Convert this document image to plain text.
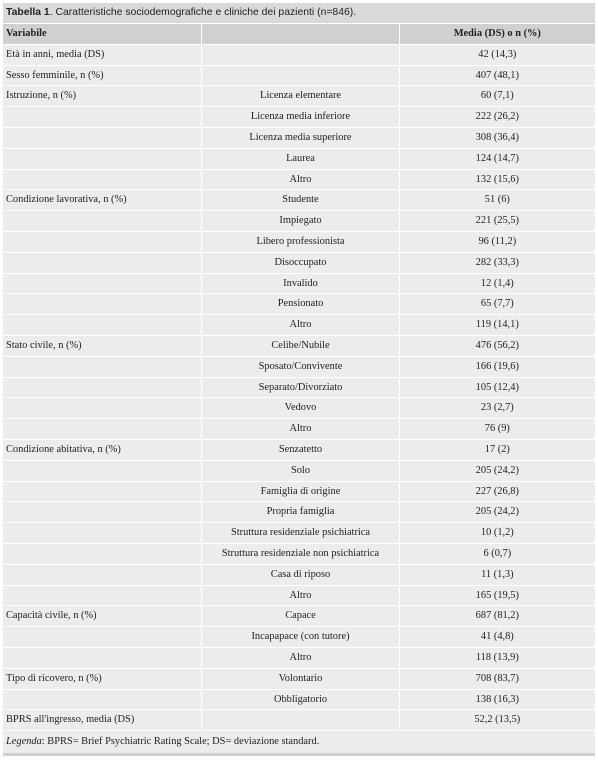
Tabella 1. Caratteristiche sociodemografiche e cliniche dei pazienti (n=846).
Variabile		Media (DS) o n (%)
Età in anni, media (DS)		42 (14,3)
Sesso femminile, n (%)		407 (48,1)
Istruzione, n (%)	Licenza elementare	60 (7,1)
	Licenza media inferiore	222 (26,2)
	Licenza media superiore	308 (36,4)
	Laurea	124 (14,7)
	Altro	132 (15,6)
Condizione lavorativa, n (%)	Studente	51 (6)
	Impiegato	221 (25,5)
	Libero professionista	96 (11,2)
	Disoccupato	282 (33,3)
	Invalido	12 (1,4)
	Pensionato	65 (7,7)
	Altro	119 (14,1)
Stato civile, n (%)	Celibe/Nubile	476 (56,2)
	Sposato/Convivente	166 (19,6)
	Separato/Divorziato	105 (12,4)
	Vedovo	23 (2,7)
	Altro	76 (9)
Condizione abitativa, n (%)	Senzatetto	17 (2)
	Solo	205 (24,2)
	Famiglia di origine	227 (26,8)
	Propria famiglia	205 (24,2)
	Struttura residenziale psichiatrica	10 (1,2)
	Struttura residenziale non psichiatrica	6 (0,7)
	Casa di riposo	11 (1,3)
	Altro	165 (19,5)
Capacità civile, n (%)	Capace	687 (81,2)
	Incapapace (con tutore)	41 (4,8)
	Altro	118 (13,9)
Tipo di ricovero, n (%)	Volontario	708 (83,7)
	Obbligatorio	138 (16,3)
BPRS all'ingresso, media (DS)		52,2 (13,5)
Legenda: BPRS= Brief Psychiatric Rating Scale; DS= deviazione standard.
